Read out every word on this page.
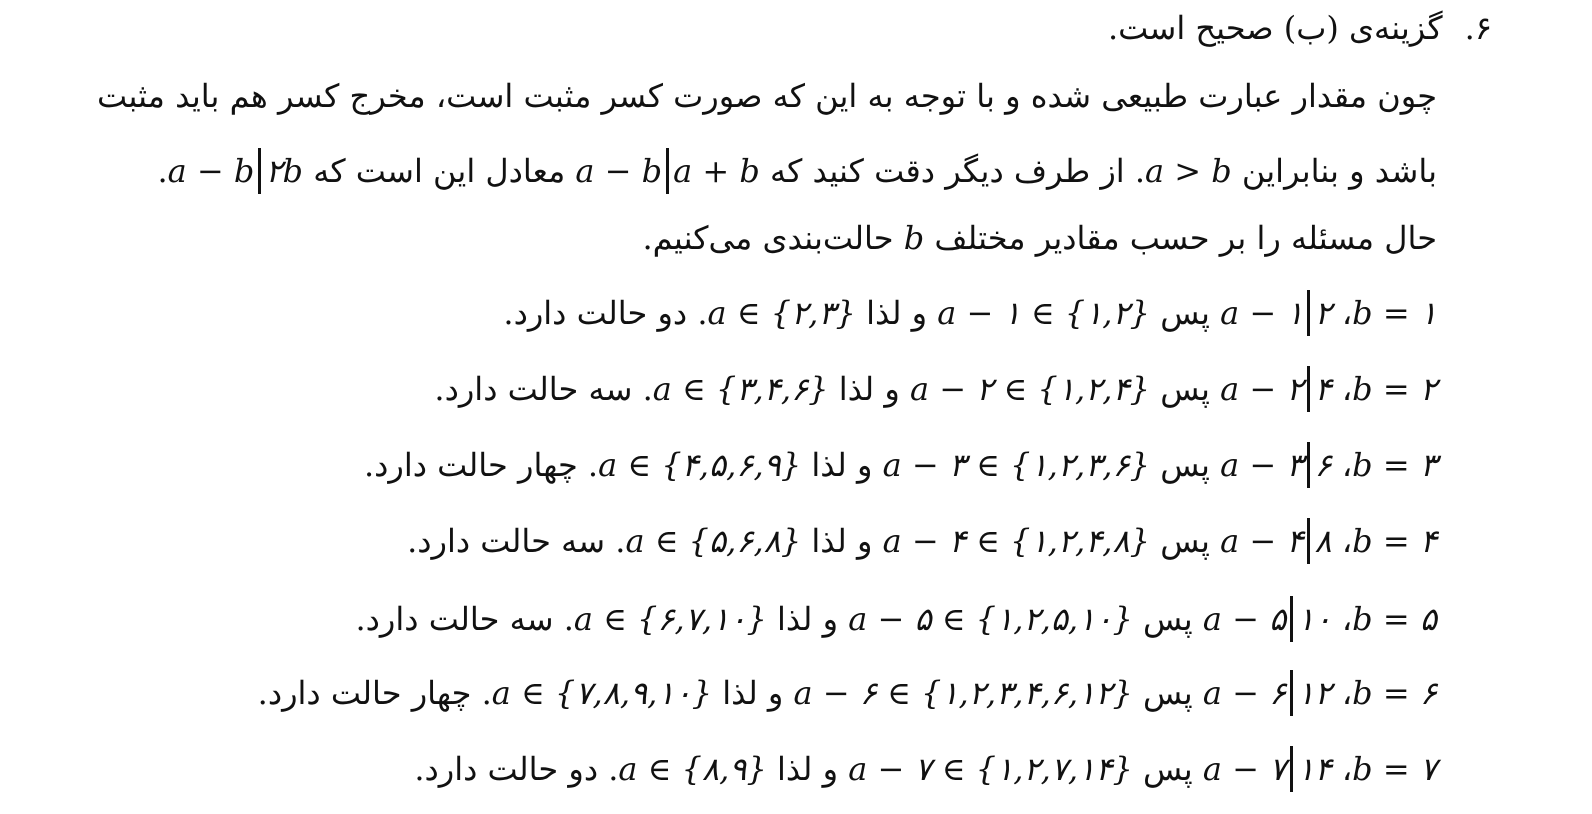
۶.گزینه‌ی (ب) صحیح است.
چون مقدار عبارت طبیعی شده و با توجه به این که صورت کسر مثبت است، مخرج کسر هم باید مثبت
باشد و بنابراین a > b. از طرف دیگر دقت کنید که a − b a + b معادل این است که a − b ۲b.
حال مسئله را بر حسب مقادیر مختلف b حالت‌بندی می‌کنیم.
b = ۱، a − ۱ ۲ پس a − ۱ ∈ {۱,۲} و لذا a ∈ {۲,۳}. دو حالت دارد.
b = ۲، a − ۲ ۴ پس a − ۲ ∈ {۱,۲,۴} و لذا a ∈ {۳,۴,۶}. سه حالت دارد.
b = ۳، a − ۳ ۶ پس a − ۳ ∈ {۱,۲,۳,۶} و لذا a ∈ {۴,۵,۶,۹}. چهار حالت دارد.
b = ۴، a − ۴ ۸ پس a − ۴ ∈ {۱,۲,۴,۸} و لذا a ∈ {۵,۶,۸}. سه حالت دارد.
b = ۵، a − ۵ ۱۰ پس a − ۵ ∈ {۱,۲,۵,۱۰} و لذا a ∈ {۶,۷,۱۰}. سه حالت دارد.
b = ۶، a − ۶ ۱۲ پس a − ۶ ∈ {۱,۲,۳,۴,۶,۱۲} و لذا a ∈ {۷,۸,۹,۱۰}. چهار حالت دارد.
b = ۷، a − ۷ ۱۴ پس a − ۷ ∈ {۱,۲,۷,۱۴} و لذا a ∈ {۸,۹}. دو حالت دارد.
